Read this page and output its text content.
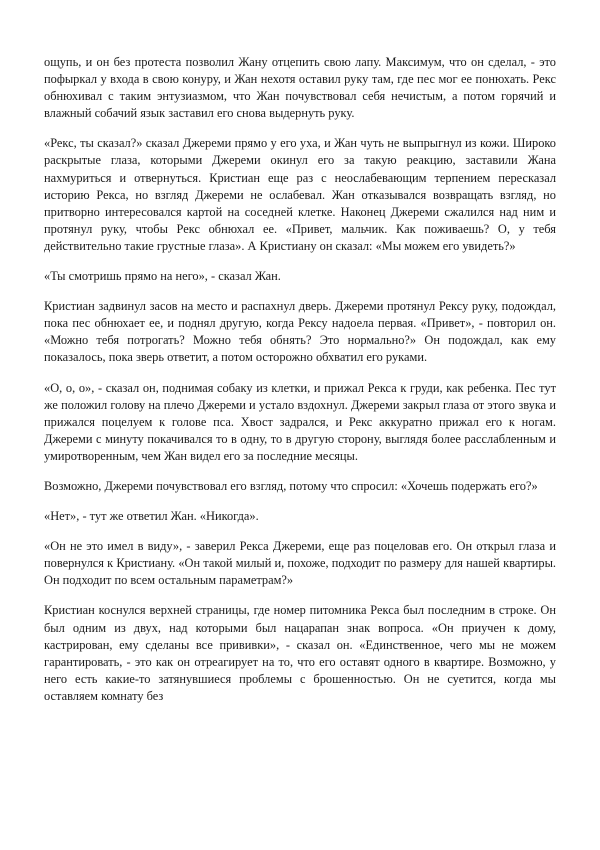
ощупь, и он без протеста позволил Жану отцепить свою лапу. Максимум, что он сделал, - это пофыркал у входа в свою конуру, и Жан нехотя оставил руку там, где пес мог ее понюхать. Рекс обнюхивал с таким энтузиазмом, что Жан почувствовал себя нечистым, а потом горячий и влажный собачий язык заставил его снова выдернуть руку.

«Рекс, ты сказал?» сказал Джереми прямо у его уха, и Жан чуть не выпрыгнул из кожи. Широко раскрытые глаза, которыми Джереми окинул его за такую реакцию, заставили Жана нахмуриться и отвернуться. Кристиан еще раз с неослабевающим терпением пересказал историю Рекса, но взгляд Джереми не ослабевал. Жан отказывался возвращать взгляд, но притворно интересовался картой на соседней клетке. Наконец Джереми сжалился над ним и протянул руку, чтобы Рекс обнюхал ее. «Привет, мальчик. Как поживаешь? О, у тебя действительно такие грустные глаза». А Кристиану он сказал: «Мы можем его увидеть?»

«Ты смотришь прямо на него», - сказал Жан.

Кристиан задвинул засов на место и распахнул дверь. Джереми протянул Рексу руку, подождал, пока пес обнюхает ее, и поднял другую, когда Рексу надоела первая. «Привет», - повторил он. «Можно тебя потрогать? Можно тебя обнять? Это нормально?» Он подождал, как ему показалось, пока зверь ответит, а потом осторожно обхватил его руками.

«О, о, о», - сказал он, поднимая собаку из клетки, и прижал Рекса к груди, как ребенка. Пес тут же положил голову на плечо Джереми и устало вздохнул. Джереми закрыл глаза от этого звука и прижался поцелуем к голове пса. Хвост задрался, и Рекс аккуратно прижал его к ногам. Джереми с минуту покачивался то в одну, то в другую сторону, выглядя более расслабленным и умиротворенным, чем Жан видел его за последние месяцы.

Возможно, Джереми почувствовал его взгляд, потому что спросил: «Хочешь подержать его?»

«Нет», - тут же ответил Жан. «Никогда».

«Он не это имел в виду», - заверил Рекса Джереми, еще раз поцеловав его. Он открыл глаза и повернулся к Кристиану. «Он такой милый и, похоже, подходит по размеру для нашей квартиры. Он подходит по всем остальным параметрам?»

Кристиан коснулся верхней страницы, где номер питомника Рекса был последним в строке. Он был одним из двух, над которыми был нацарапан знак вопроса. «Он приучен к дому, кастрирован, ему сделаны все прививки», - сказал он. «Единственное, чего мы не можем гарантировать, - это как он отреагирует на то, что его оставят одного в квартире. Возможно, у него есть какие-то затянувшиеся проблемы с брошенностью. Он не суетится, когда мы оставляем комнату без
